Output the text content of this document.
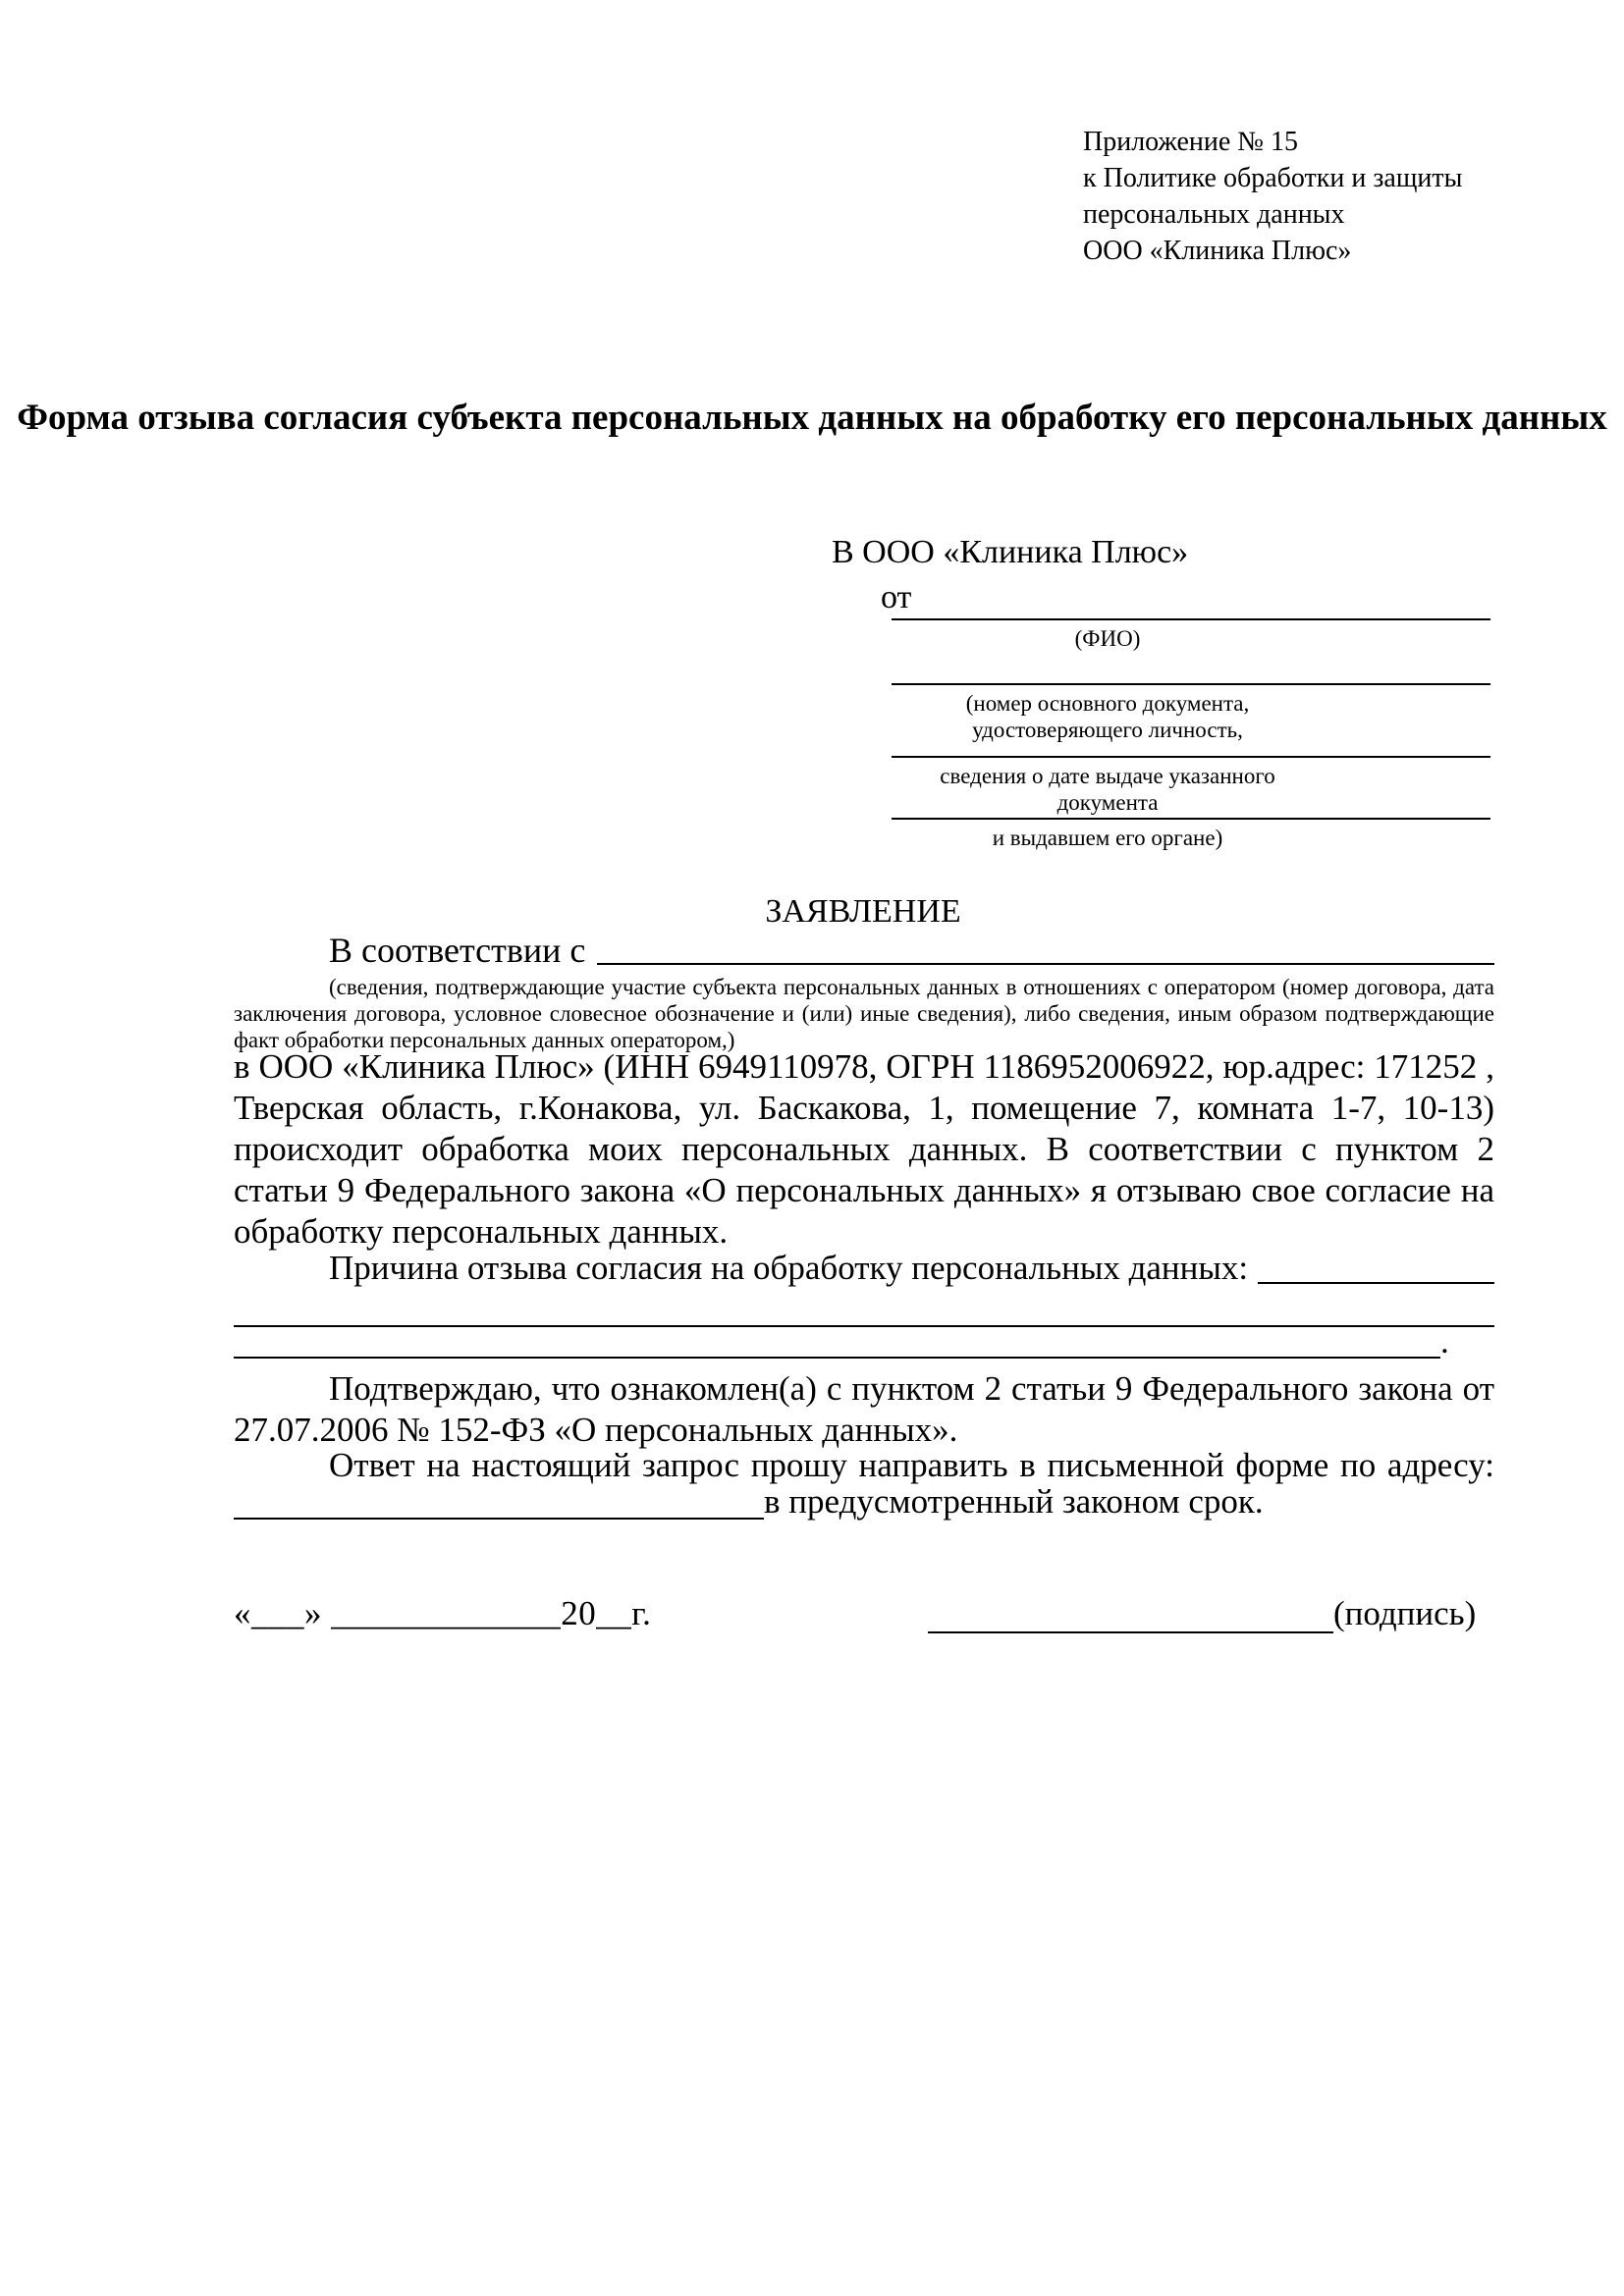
Приложение № 15
к Политике обработки и защиты
персональных данных
ООО «Клиника Плюс»
Форма отзыва согласия субъекта персональных данных на обработку его персональных данных
В ООО «Клиника Плюс»
от
(ФИО)
(номер основного документа, удостоверяющего личность,
сведения о дате выдаче указанного документа
и выдавшем его органе)
ЗАЯВЛЕНИЕ
В соответствии с
(сведения, подтверждающие участие субъекта персональных данных в отношениях с оператором (номер договора, дата заключения договора, условное словесное обозначение и (или) иные сведения), либо сведения, иным образом подтверждающие факт обработки персональных данных оператором,)
в ООО «Клиника Плюс» (ИНН 6949110978, ОГРН 1186952006922, юр.адрес: 171252 , Тверская область, г.Конакова, ул. Баскакова, 1, помещение 7, комната 1-7, 10-13) происходит обработка моих персональных данных. В соответствии с пунктом 2 статьи 9 Федерального закона «О персональных данных» я отзываю свое согласие на обработку персональных данных.
Причина отзыва согласия на обработку персональных данных:
.
Подтверждаю, что ознакомлен(а) с пунктом 2 статьи 9 Федерального закона от 27.07.2006 № 152-ФЗ «О персональных данных».
Ответ на настоящий запрос прошу направить в письменной форме по адресу:
в предусмотренный законом срок.
«___» _____________20__г.	(подпись)
